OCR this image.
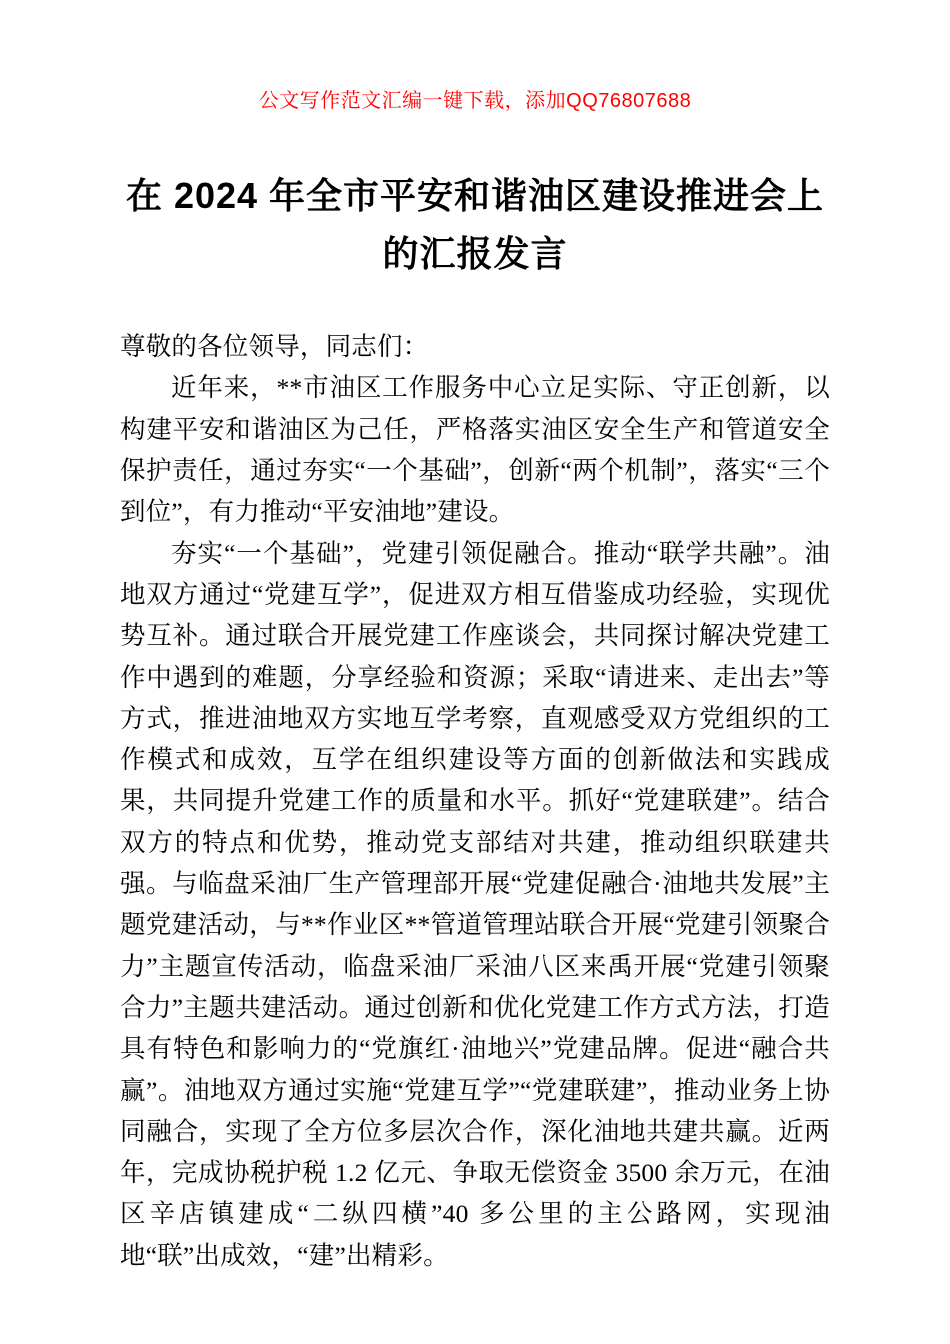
公文写作范文汇编一键下载，添加QQ76807688
在 2024 年全市平安和谐油区建设推进会上
的汇报发言

尊敬的各位领导，同志们：

近年来，**市油区工作服务中心立足实际、守正创新，以构建平安和谐油区为己任，严格落实油区安全生产和管道安全保护责任，通过夯实“一个基础”，创新“两个机制”，落实“三个到位”，有力推动“平安油地”建设。

夯实“一个基础”，党建引领促融合。推动“联学共融”。油地双方通过“党建互学”，促进双方相互借鉴成功经验，实现优势互补。通过联合开展党建工作座谈会，共同探讨解决党建工作中遇到的难题，分享经验和资源；采取“请进来、走出去”等方式，推进油地双方实地互学考察，直观感受双方党组织的工作模式和成效，互学在组织建设等方面的创新做法和实践成果，共同提升党建工作的质量和水平。抓好“党建联建”。结合双方的特点和优势，推动党支部结对共建，推动组织联建共强。与临盘采油厂生产管理部开展“党建促融合·油地共发展”主题党建活动，与**作业区**管道管理站联合开展“党建引领聚合力”主题宣传活动，临盘采油厂采油八区来禹开展“党建引领聚合力”主题共建活动。通过创新和优化党建工作方式方法，打造具有特色和影响力的“党旗红·油地兴”党建品牌。促进“融合共赢”。油地双方通过实施“党建互学”“党建联建”，推动业务上协同融合，实现了全方位多层次合作，深化油地共建共赢。近两年，完成协税护税 1.2 亿元、争取无偿资金 3500 余万元，在油区辛店镇建成“二纵四横”40 多公里的主公路网，实现油地“联”出成效，“建”出精彩。
